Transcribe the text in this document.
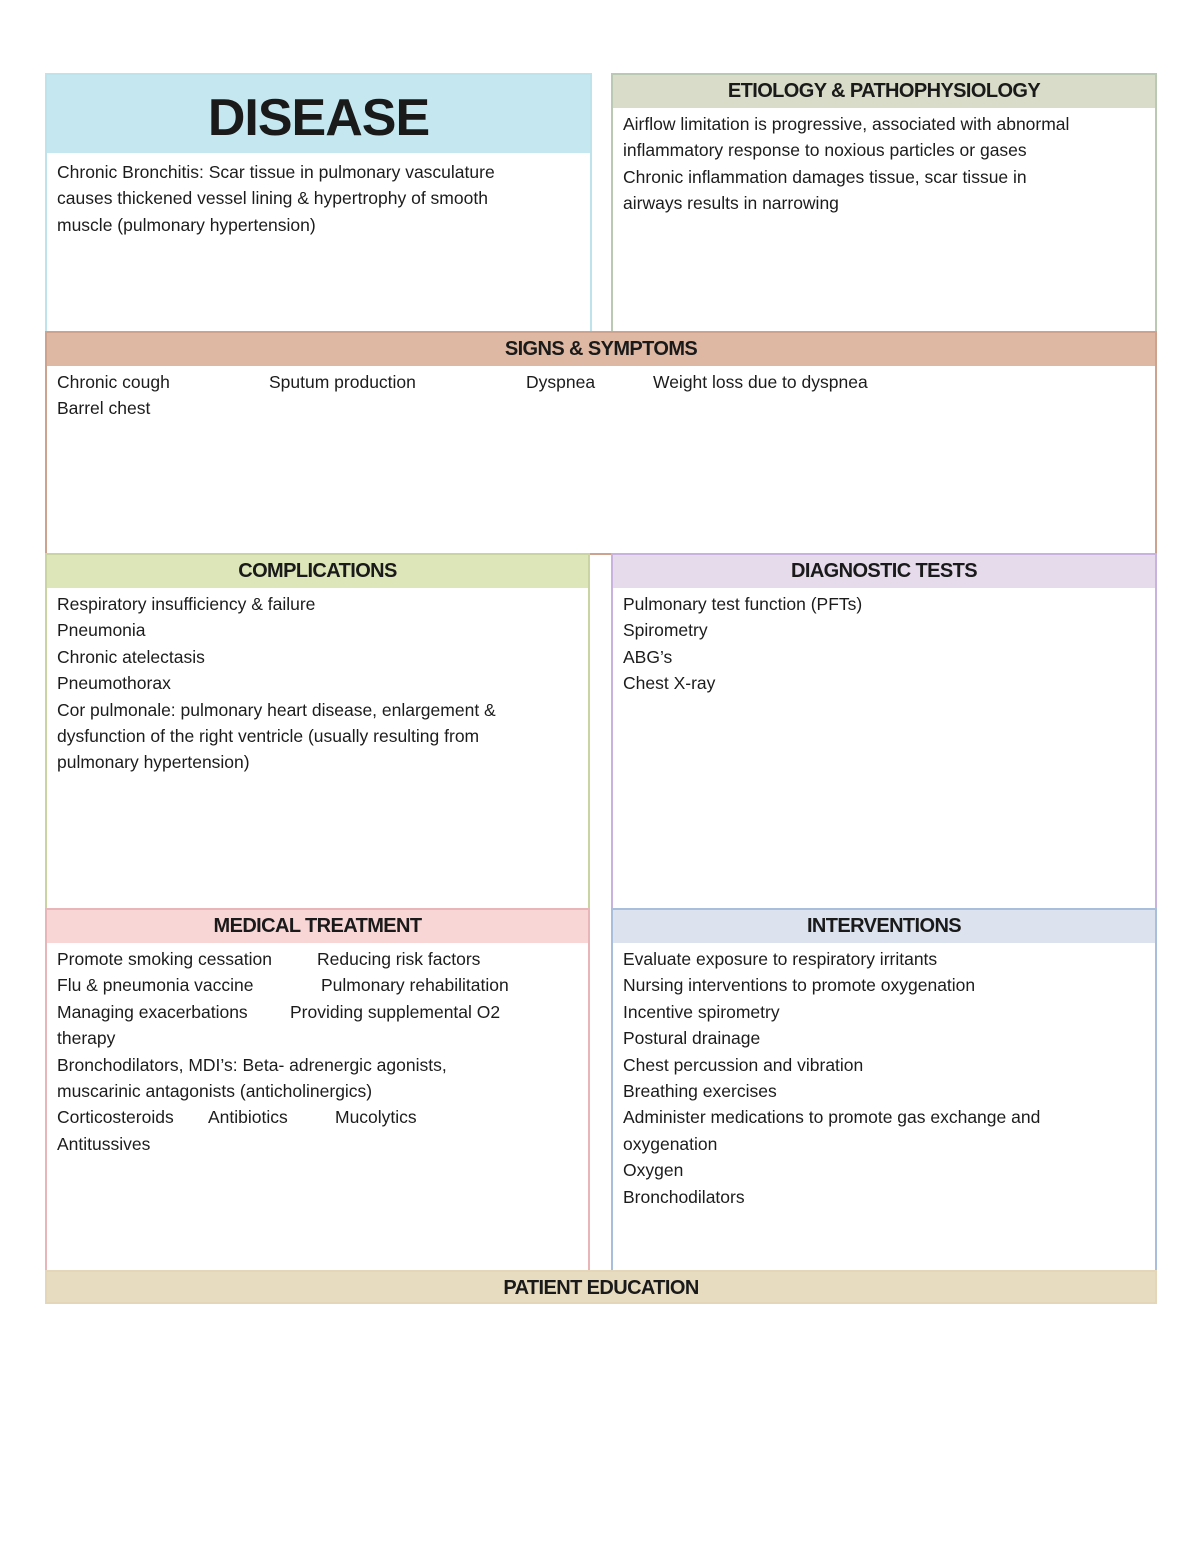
DISEASE
Chronic Bronchitis: Scar tissue in pulmonary vasculature
causes thickened vessel lining & hypertrophy of smooth
muscle (pulmonary hypertension)
ETIOLOGY & PATHOPHYSIOLOGY
Airflow limitation is progressive, associated with abnormal
inflammatory response to noxious particles or gases
Chronic inflammation damages tissue, scar tissue in
airways results in narrowing
SIGNS & SYMPTOMS
Chronic cough	Sputum production	Dyspnea	Weight loss due to dyspnea
Barrel chest
COMPLICATIONS
Respiratory insufficiency & failure
Pneumonia
Chronic atelectasis
Pneumothorax
Cor pulmonale: pulmonary heart disease, enlargement &
dysfunction of the right ventricle (usually resulting from
pulmonary hypertension)
DIAGNOSTIC TESTS
Pulmonary test function (PFTs)
Spirometry
ABG’s
Chest X-ray
MEDICAL TREATMENT
Promote smoking cessation	Reducing risk factors
Flu & pneumonia vaccine	Pulmonary rehabilitation
Managing exacerbations Providing supplemental O2
therapy
Bronchodilators, MDI’s: Beta- adrenergic agonists,
muscarinic antagonists (anticholinergics)
Corticosteroids Antibiotics	Mucolytics
Antitussives
INTERVENTIONS
Evaluate exposure to respiratory irritants
Nursing interventions to promote oxygenation
Incentive spirometry
Postural drainage
Chest percussion and vibration
Breathing exercises
Administer medications to promote gas exchange and
oxygenation
Oxygen
Bronchodilators
PATIENT EDUCATION
